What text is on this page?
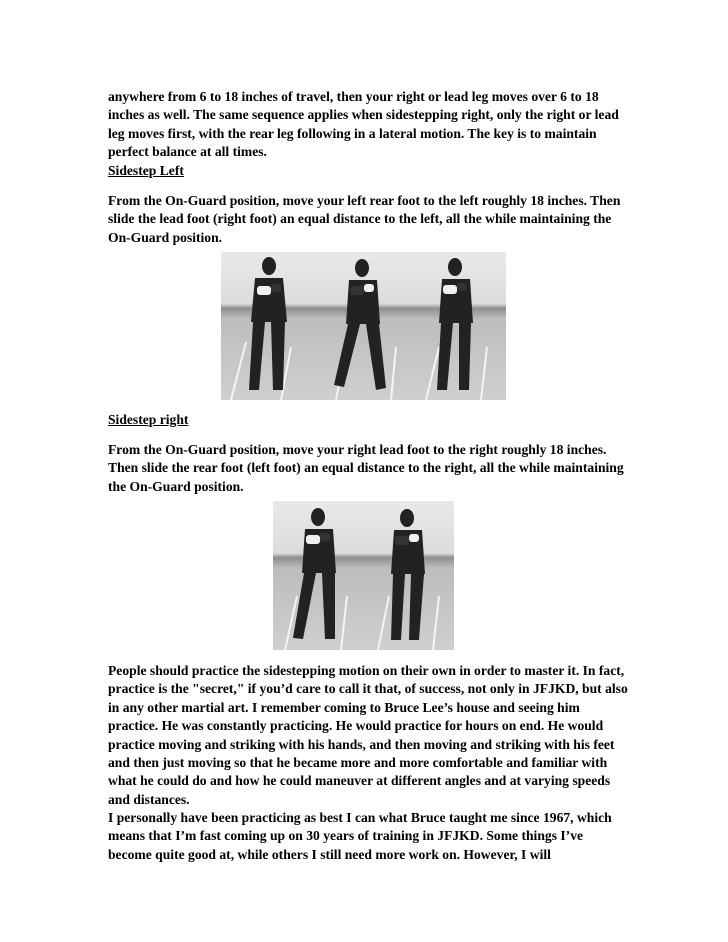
anywhere from 6 to 18 inches of travel, then your right or lead leg moves over 6 to 18 inches as well. The same sequence applies when sidestepping right, only the right or lead leg moves first, with the rear leg following in a lateral motion. The key is to maintain perfect balance at all times.

Sidestep Left

From the On-Guard position, move your left rear foot to the left roughly 18 inches. Then slide the lead foot (right foot) an equal distance to the left, all the while maintaining the On-Guard position.

Sidestep right

From the On-Guard position, move your right lead foot to the right roughly 18 inches. Then slide the rear foot (left foot) an equal distance to the right, all the while maintaining the On-Guard position.

People should practice the sidestepping motion on their own in order to master it. In fact, practice is the "secret," if you’d care to call it that, of success, not only in JFJKD, but also in any other martial art. I remember coming to Bruce Lee’s house and seeing him practice. He was constantly practicing. He would practice for hours on end. He would practice moving and striking with his hands, and then moving and striking with his feet and then just moving so that he became more and more comfortable and familiar with what he could do and how he could maneuver at different angles and at varying speeds and distances.

I personally have been practicing as best I can what Bruce taught me since 1967, which means that I’m fast coming up on 30 years of training in JFJKD. Some things I’ve become quite good at, while others I still need more work on. However, I will
